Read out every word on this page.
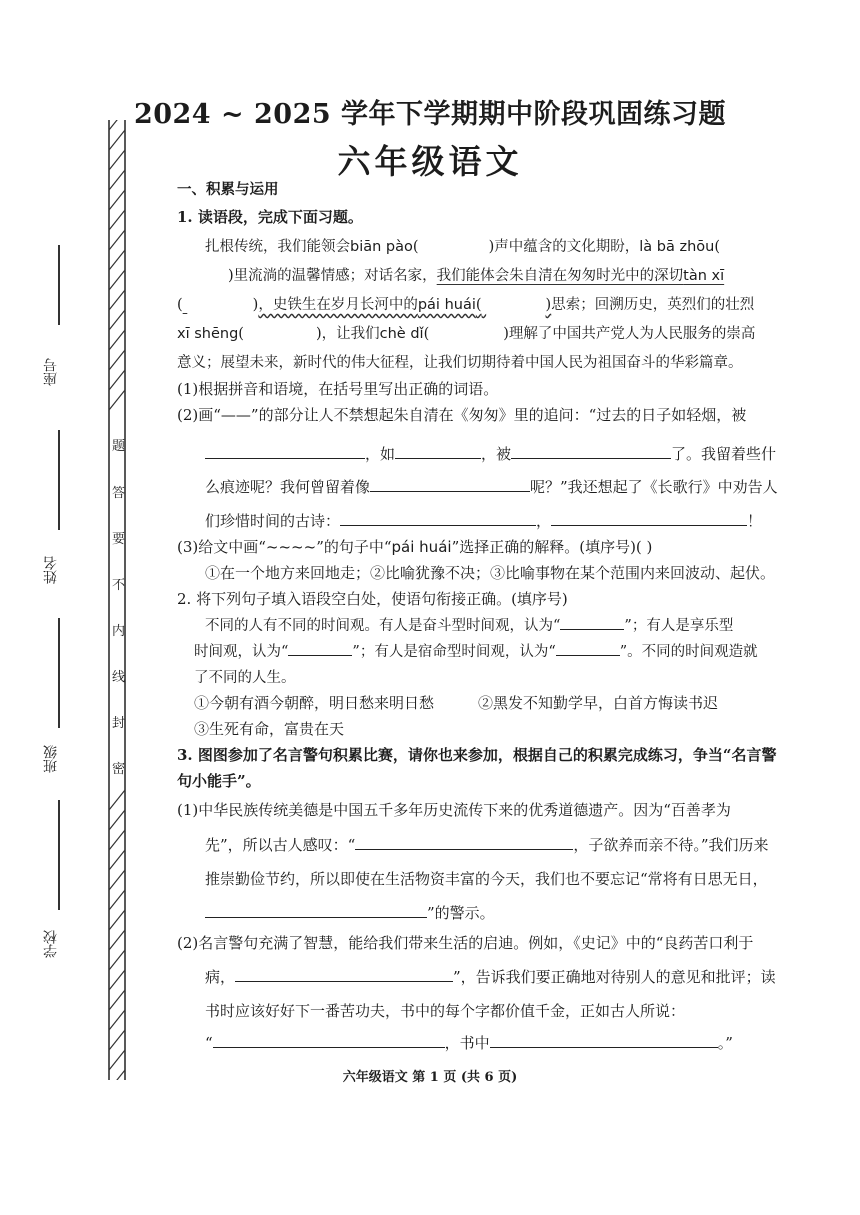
2024 ~ 2025 学年下学期期中阶段巩固练习题
六年级语文
题
答
要
不
内
线
封
密
座号
姓名
班级
学校
一、积累与运用
1. 读语段，完成下面习题。
扎根传统，我们能领会biān pào(	)声中蕴含的文化期盼，là bā zhōu(
)里流淌的温馨情感；对话名家，我们能体会朱自清在匆匆时光中的深切tàn xī
(	)，史铁生在岁月长河中的pái huái(	)思索；回溯历史，英烈们的壮烈
xī shēng(	)，让我们chè dǐ(	)理解了中国共产党人为人民服务的崇高
意义；展望未来，新时代的伟大征程，让我们切期待着中国人民为祖国奋斗的华彩篇章。
(1)根据拼音和语境，在括号里写出正确的词语。
(2)画“——”的部分让人不禁想起朱自清在《匆匆》里的追问：“过去的日子如轻烟，被
，如	，被	了。我留着些什
么痕迹呢？我何曾留着像	呢？”我还想起了《长歌行》中劝告人
们珍惜时间的古诗：	，	！
(3)给文中画“~~~~”的句子中“pái huái”选择正确的解释。(填序号)( )
①在一个地方来回地走；②比喻犹豫不决；③比喻事物在某个范围内来回波动、起伏。
2. 将下列句子填入语段空白处，使语句衔接正确。(填序号)
不同的人有不同的时间观。有人是奋斗型时间观，认为“	”；有人是享乐型
时间观，认为“	”；有人是宿命型时间观，认为“	”。不同的时间观造就
了不同的人生。
①今朝有酒今朝醉，明日愁来明日愁	②黑发不知勤学早，白首方悔读书迟
③生死有命，富贵在天
3. 图图参加了名言警句积累比赛，请你也来参加，根据自己的积累完成练习，争当“名言警
句小能手”。
(1)中华民族传统美德是中国五千多年历史流传下来的优秀道德遗产。因为“百善孝为
先”，所以古人感叹：“	，子欲养而亲不待。”我们历来
推崇勤俭节约，所以即使在生活物资丰富的今天，我们也不要忘记“常将有日思无日，
”的警示。
(2)名言警句充满了智慧，能给我们带来生活的启迪。例如，《史记》中的“良药苦口利于
病，	”，告诉我们要正确地对待别人的意见和批评；读
书时应该好好下一番苦功夫，书中的每个字都价值千金，正如古人所说：
“	，书中	。”
六年级语文 第 1 页 (共 6 页)
